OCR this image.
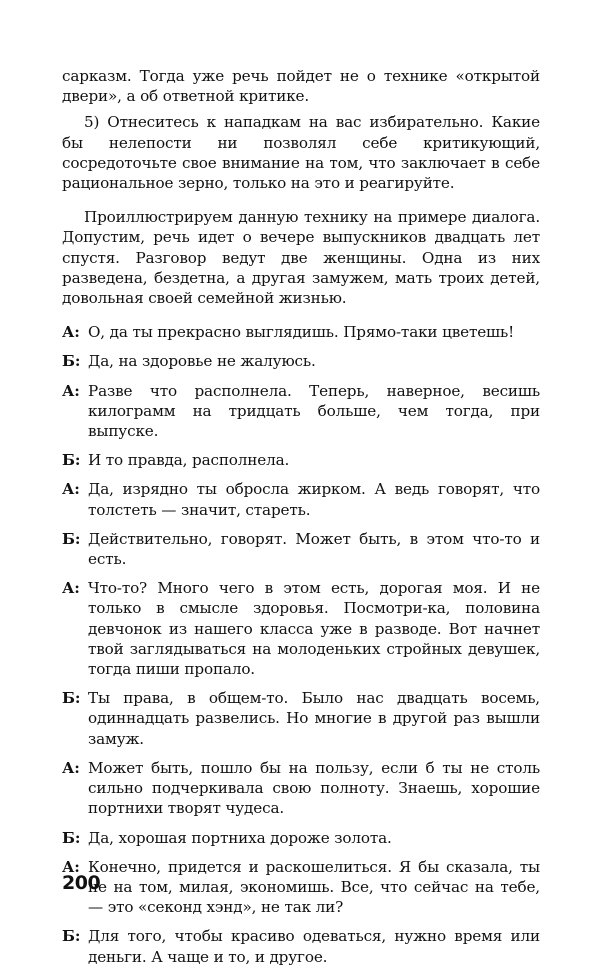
сарказм. Тогда уже речь пойдет не о технике «открытой двери», а об ответной критике.

5) Отнеситесь к нападкам на вас избирательно. Какие бы нелепости ни позволял себе критикующий, сосредоточьте свое внимание на том, что заключает в себе рациональное зерно, только на это и реагируйте.

Проиллюстрируем данную технику на примере диалога. Допустим, речь идет о вечере выпускников двадцать лет спустя. Разговор ведут две женщины. Одна из них разведена, бездетна, а другая замужем, мать троих детей, довольная своей семейной жизнью.

А: О, да ты прекрасно выглядишь. Прямо-таки цветешь!
Б: Да, на здоровье не жалуюсь.
А: Разве что располнела. Теперь, наверное, весишь килограмм на тридцать больше, чем тогда, при выпуске.
Б: И то правда, располнела.
А: Да, изрядно ты обросла жирком. А ведь говорят, что толстеть — значит, стареть.
Б: Действительно, говорят. Может быть, в этом что-то и есть.
А: Что-то? Много чего в этом есть, дорогая моя. И не только в смысле здоровья. Посмотри-ка, половина девчонок из нашего класса уже в разводе. Вот начнет твой заглядываться на молоденьких стройных девушек, тогда пиши пропало.
Б: Ты права, в общем-то. Было нас двадцать восемь, одиннадцать развелись. Но многие в другой раз вышли замуж.
А: Может быть, пошло бы на пользу, если б ты не столь сильно подчеркивала свою полноту. Знаешь, хорошие портнихи творят чудеса.
Б: Да, хорошая портниха дороже золота.
А: Конечно, придется и раскошелиться. Я бы сказала, ты не на том, милая, экономишь. Все, что сейчас на тебе, — это «секонд хэнд», не так ли?
Б: Для того, чтобы красиво одеваться, нужно время или деньги. А чаще и то, и другое.
200
